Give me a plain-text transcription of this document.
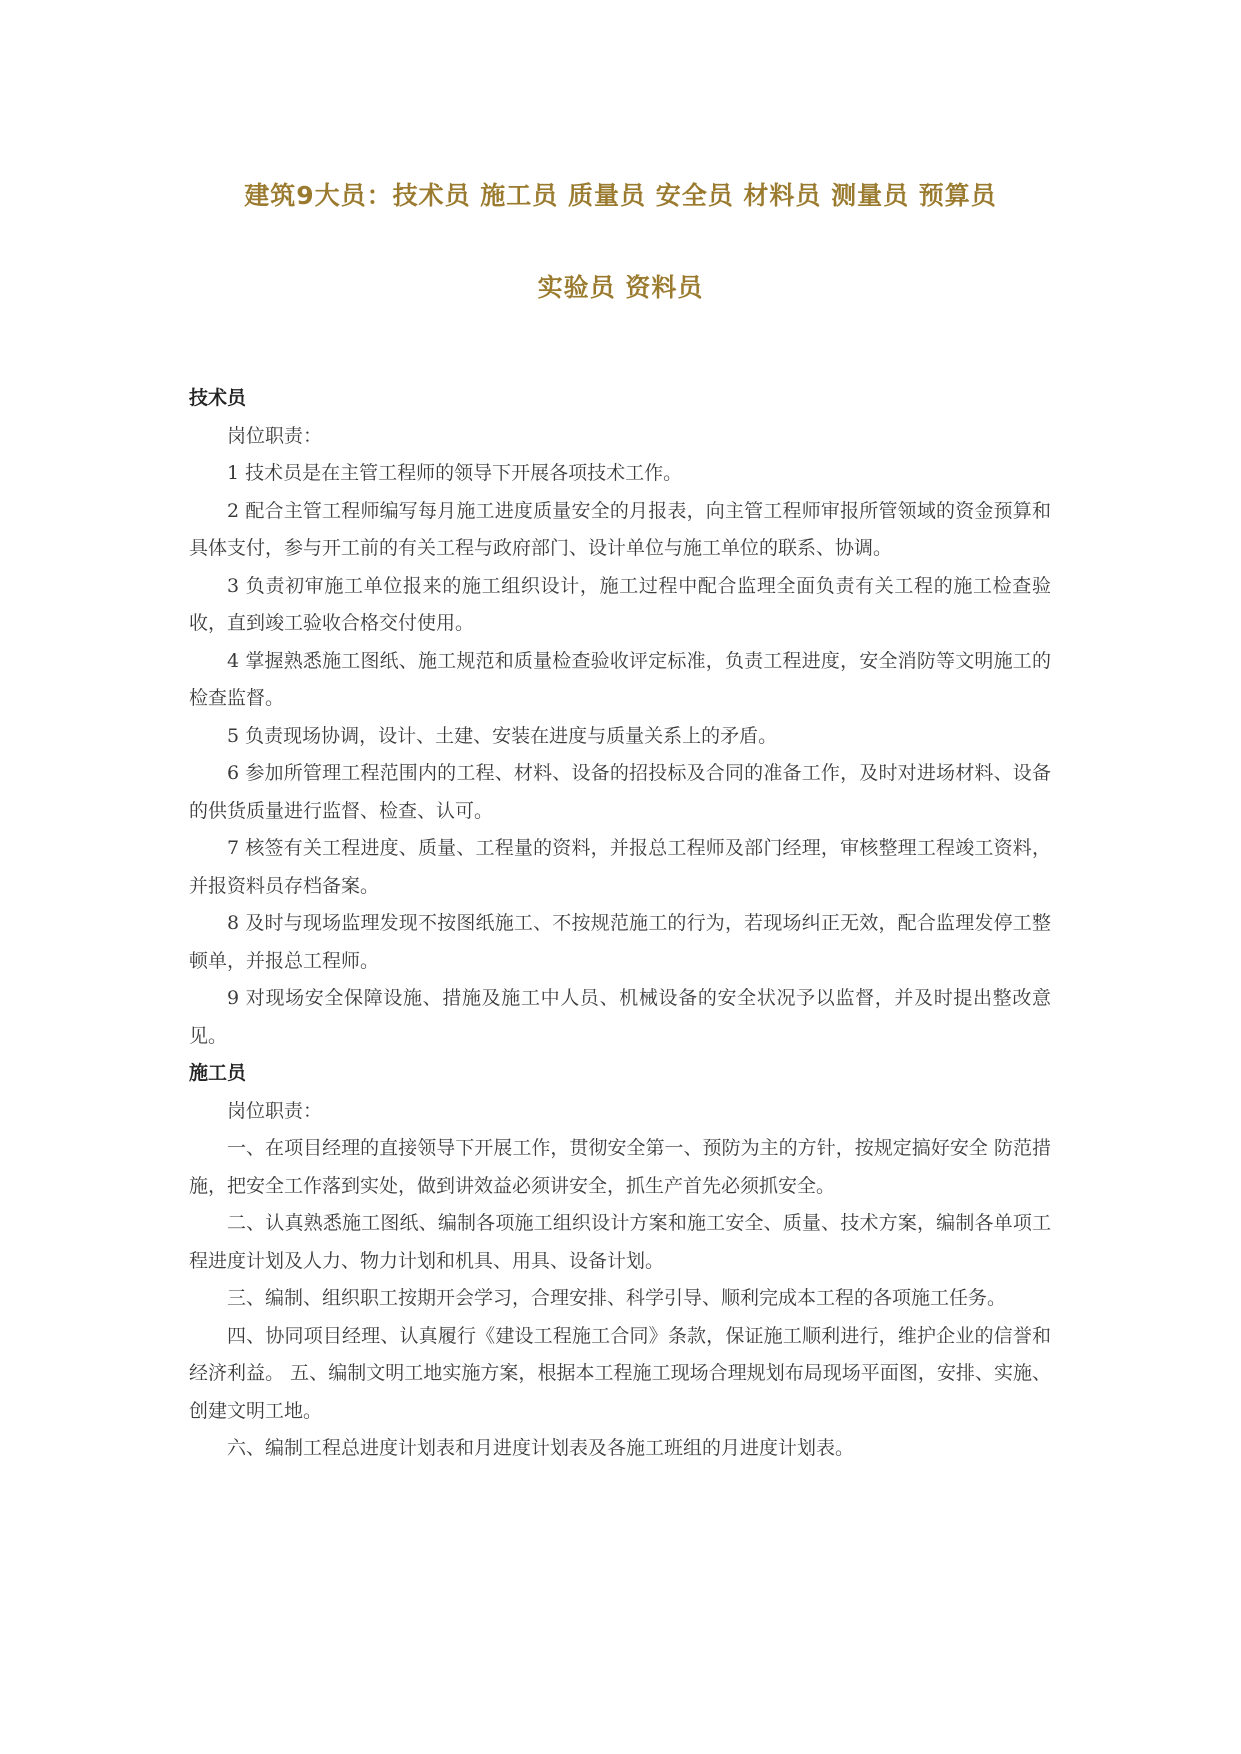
建筑9大员：技术员 施工员 质量员 安全员 材料员 测量员 预算员
实验员 资料员
技术员

岗位职责：

1 技术员是在主管工程师的领导下开展各项技术工作。

2 配合主管工程师编写每月施工进度质量安全的月报表，向主管工程师审报所管领域的资金预算和具体支付，参与开工前的有关工程与政府部门、设计单位与施工单位的联系、协调。

3 负责初审施工单位报来的施工组织设计，施工过程中配合监理全面负责有关工程的施工检查验收，直到竣工验收合格交付使用。

4 掌握熟悉施工图纸、施工规范和质量检查验收评定标准，负责工程进度，安全消防等文明施工的检查监督。

5 负责现场协调，设计、土建、安装在进度与质量关系上的矛盾。

6 参加所管理工程范围内的工程、材料、设备的招投标及合同的准备工作，及时对进场材料、设备的供货质量进行监督、检查、认可。

7 核签有关工程进度、质量、工程量的资料，并报总工程师及部门经理，审核整理工程竣工资料，并报资料员存档备案。

8 及时与现场监理发现不按图纸施工、不按规范施工的行为，若现场纠正无效，配合监理发停工整顿单，并报总工程师。

9 对现场安全保障设施、措施及施工中人员、机械设备的安全状况予以监督，并及时提出整改意见。

施工员

岗位职责：

一、在项目经理的直接领导下开展工作，贯彻安全第一、预防为主的方针，按规定搞好安全 防范措施，把安全工作落到实处，做到讲效益必须讲安全，抓生产首先必须抓安全。

二、认真熟悉施工图纸、编制各项施工组织设计方案和施工安全、质量、技术方案，编制各单项工程进度计划及人力、物力计划和机具、用具、设备计划。

三、编制、组织职工按期开会学习，合理安排、科学引导、顺利完成本工程的各项施工任务。

四、协同项目经理、认真履行《建设工程施工合同》条款，保证施工顺利进行，维护企业的信誉和经济利益。 五、编制文明工地实施方案，根据本工程施工现场合理规划布局现场平面图，安排、实施、 创建文明工地。

六、编制工程总进度计划表和月进度计划表及各施工班组的月进度计划表。
